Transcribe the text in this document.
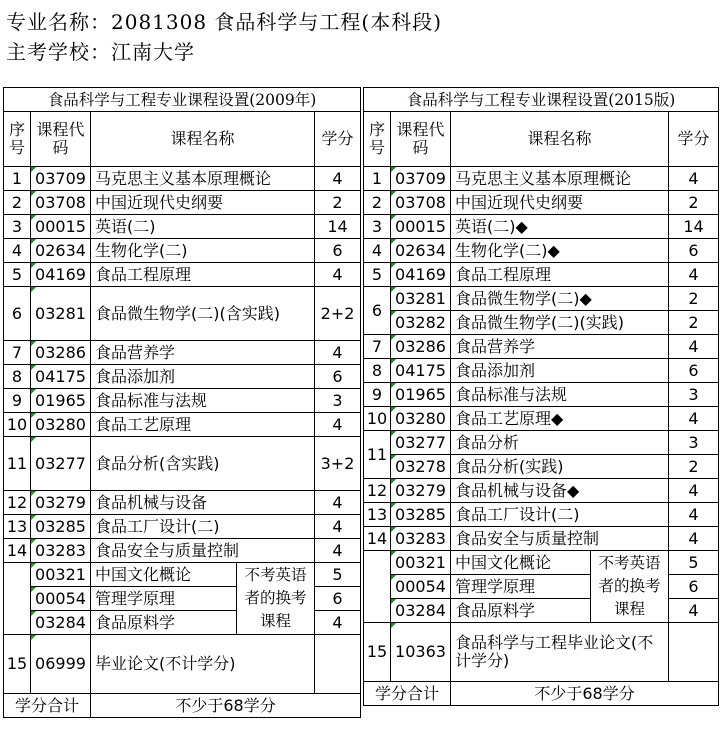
专业名称：2081308 食品科学与工程(本科段)
主考学校：江南大学
食品科学与工程专业课程设置(2009年)				
序号	课程代码	课程名称		学分
1	03709	马克思主义基本原理概论		4
2	03708	中国近现代史纲要		2
3	00015	英语(二)		14
4	02634	生物化学(二)		6
5	04169	食品工程原理		4
6	03281	食品微生物学(二)(含实践)		2+2
7	03286	食品营养学		4
8	04175	食品添加剂		6
9	01965	食品标准与法规		3
10	03280	食品工艺原理		4
11	03277	食品分析(含实践)		3+2
12	03279	食品机械与设备		4
13	03285	食品工厂设计(二)		4
14	03283	食品安全与质量控制		4
	00321	中国文化概论	不考英语者的换考课程	5
	00054	管理学原理		6
	03284	食品原料学		4
15	06999	毕业论文(不计学分)		
学分合计		不少于68学分		
食品科学与工程专业课程设置(2015版)				
序号	课程代码	课程名称		学分
1	03709	马克思主义基本原理概论		4
2	03708	中国近现代史纲要		2
3	00015	英语(二)◆		14
4	02634	生物化学(二)◆		6
5	04169	食品工程原理		4
6	03281	食品微生物学(二)◆		2
	03282	食品微生物学(二)(实践)		2
7	03286	食品营养学		4
8	04175	食品添加剂		6
9	01965	食品标准与法规		3
10	03280	食品工艺原理◆		4
11	03277	食品分析		3
	03278	食品分析(实践)		2
12	03279	食品机械与设备◆		4
13	03285	食品工厂设计(二)		4
14	03283	食品安全与质量控制		4
	00321	中国文化概论	不考英语者的换考课程	5
	00054	管理学原理		6
	03284	食品原料学		4
15	10363	食品科学与工程毕业论文(不计学分)		
学分合计		不少于68学分		
